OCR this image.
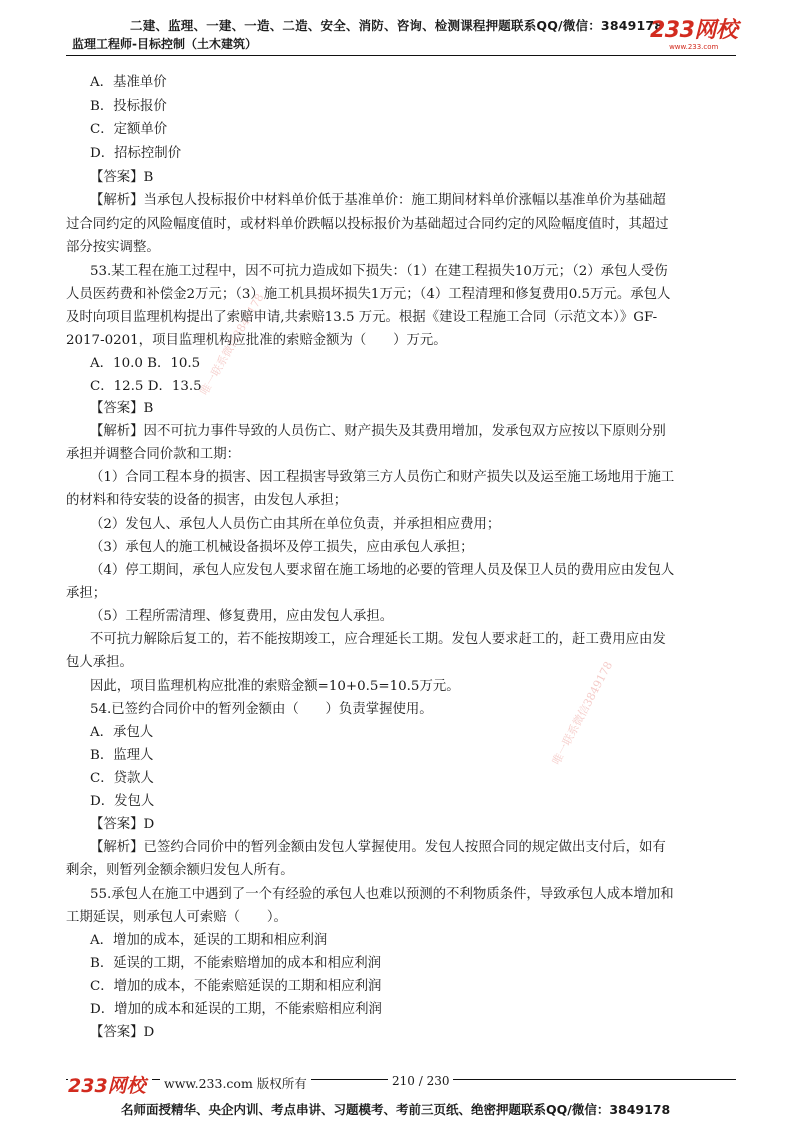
二建、监理、一建、一造、二造、安全、消防、咨询、检测课程押题联系QQ/微信：3849178
监理工程师-目标控制（土木建筑）
233网校
www.233.com
唯一联系微信3849178
唯一联系微信3849178
A．基准单价
B．投标报价
C．定额单价
D．招标控制价
【答案】B
【解析】当承包人投标报价中材料单价低于基准单价：施工期间材料单价涨幅以基准单价为基础超
过合同约定的风险幅度值时，或材料单价跌幅以投标报价为基础超过合同约定的风险幅度值时，其超过
部分按实调整。
53.某工程在施工过程中，因不可抗力造成如下损失：（1）在建工程损失10万元；（2）承包人受伤
人员医药费和补偿金2万元；（3）施工机具损坏损失1万元；（4）工程清理和修复费用0.5万元。承包人
及时向项目监理机构提出了索赔申请,共索赔13.5 万元。根据《建设工程施工合同（示范文本）》GF-
2017-0201，项目监理机构应批准的索赔金额为（　　）万元。
A．10.0 B．10.5
C．12.5 D．13.5
【答案】B
【解析】因不可抗力事件导致的人员伤亡、财产损失及其费用增加，发承包双方应按以下原则分别
承担并调整合同价款和工期：
（1）合同工程本身的损害、因工程损害导致第三方人员伤亡和财产损失以及运至施工场地用于施工
的材料和待安装的设备的损害，由发包人承担；
（2）发包人、承包人人员伤亡由其所在单位负责，并承担相应费用；
（3）承包人的施工机械设备损坏及停工损失，应由承包人承担；
（4）停工期间，承包人应发包人要求留在施工场地的必要的管理人员及保卫人员的费用应由发包人
承担；
（5）工程所需清理、修复费用，应由发包人承担。
不可抗力解除后复工的，若不能按期竣工，应合理延长工期。发包人要求赶工的，赶工费用应由发
包人承担。
因此，项目监理机构应批准的索赔金额=10+0.5=10.5万元。
54.已签约合同价中的暂列金额由（　　）负责掌握使用。
A．承包人
B．监理人
C．贷款人
D．发包人
【答案】D
【解析】已签约合同价中的暂列金额由发包人掌握使用。发包人按照合同的规定做出支付后，如有
剩余，则暂列金额余额归发包人所有。
55.承包人在施工中遇到了一个有经验的承包人也难以预测的不利物质条件，导致承包人成本增加和
工期延误，则承包人可索赔（　　）。
A．增加的成本，延误的工期和相应利润
B．延误的工期，不能索赔增加的成本和相应利润
C．增加的成本，不能索赔延误的工期和相应利润
D．增加的成本和延误的工期，不能索赔相应利润
【答案】D
233网校	www.233.com 版权所有	210 / 230
名师面授精华、央企内训、考点串讲、习题模考、考前三页纸、绝密押题联系QQ/微信：3849178
